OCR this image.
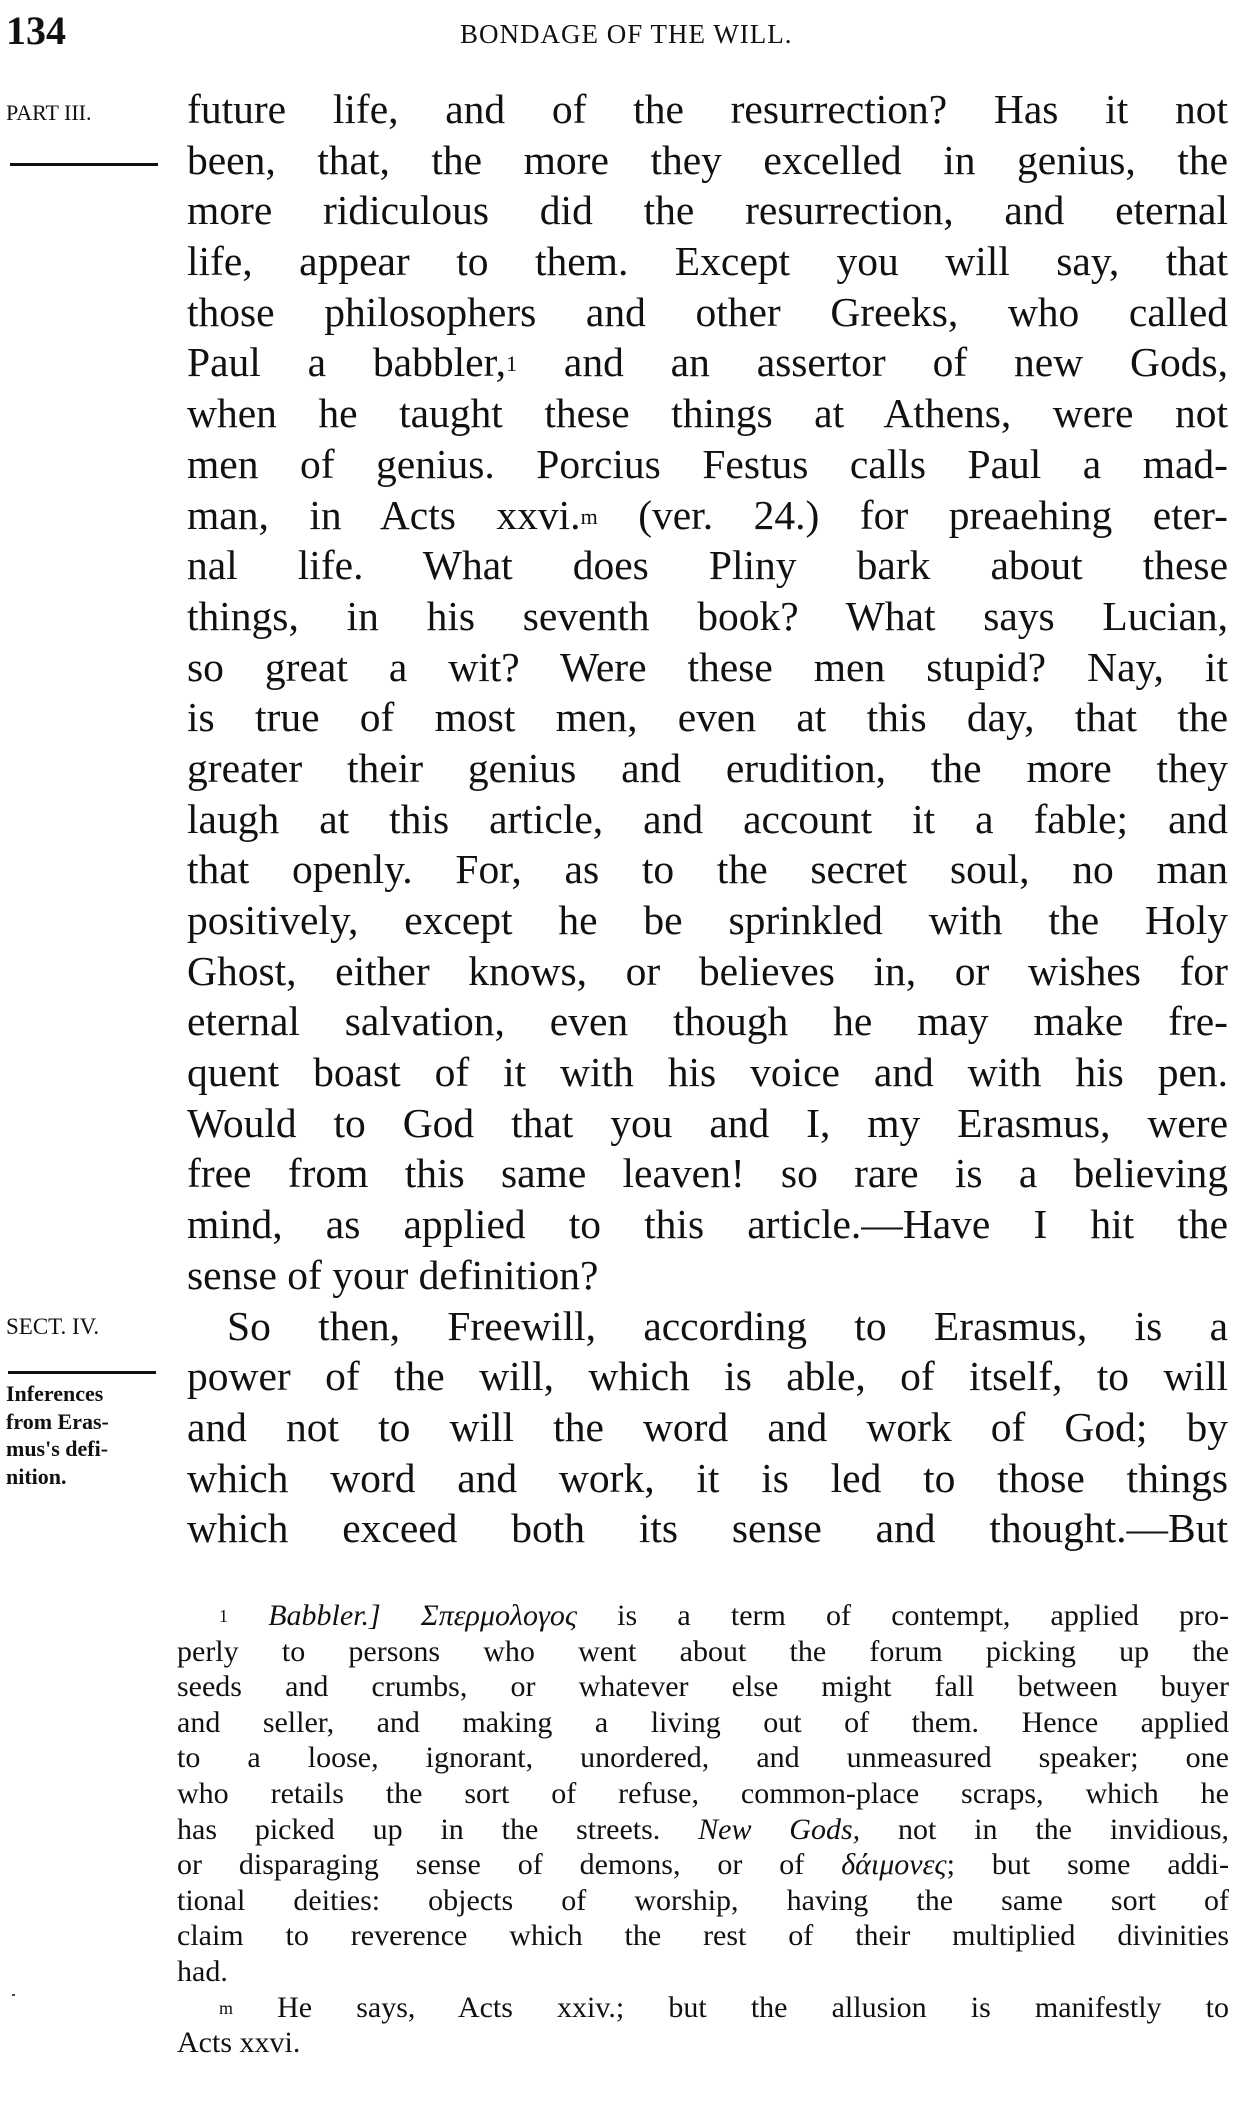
134	BONDAGE OF THE WILL.
PART III.
SECT. IV.
Inferences
from Eras-
mus's defi-
nition.
future life, and of the resurrection? Has it not
been, that, the more they excelled in genius, the
more ridiculous did the resurrection, and eternal
life, appear to them. Except you will say, that
those philosophers and other Greeks, who called
Paul a babbler,$^1$ and an assertor of new Gods,
when he taught these things at Athens, were not
men of genius. Porcius Festus calls Paul a mad-
man, in Acts xxvi.$^m$ (ver. 24.) for preaehing eter-
nal life. What does Pliny bark about these
things, in his seventh book? What says Lucian,
so great a wit? Were these men stupid? Nay, it
is true of most men, even at this day, that the
greater their genius and erudition, the more they
laugh at this article, and account it a fable; and
that openly. For, as to the secret soul, no man
positively, except he be sprinkled with the Holy
Ghost, either knows, or believes in, or wishes for
eternal salvation, even though he may make fre-
quent boast of it with his voice and with his pen.
Would to God that you and I, my Erasmus, were
free from this same leaven! so rare is a believing
mind, as applied to this article.—Have I hit the
sense of your definition?
So then, Freewill, according to Erasmus, is a
power of the will, which is able, of itself, to will
and not to will the word and work of God; by
which word and work, it is led to those things
which exceed both its sense and thought.—But
$^1$ Babbler.] Σπερμολογος is a term of contempt, applied pro-
perly to persons who went about the forum picking up the
seeds and crumbs, or whatever else might fall between buyer
and seller, and making a living out of them. Hence applied
to a loose, ignorant, unordered, and unmeasured speaker; one
who retails the sort of refuse, common-place scraps, which he
has picked up in the streets. New Gods, not in the invidious,
or disparaging sense of demons, or of δάιμονες; but some addi-
tional deities: objects of worship, having the same sort of
claim to reverence which the rest of their multiplied divinities
had.
$^m$ He says, Acts xxiv.; but the allusion is manifestly to
Acts xxvi.
